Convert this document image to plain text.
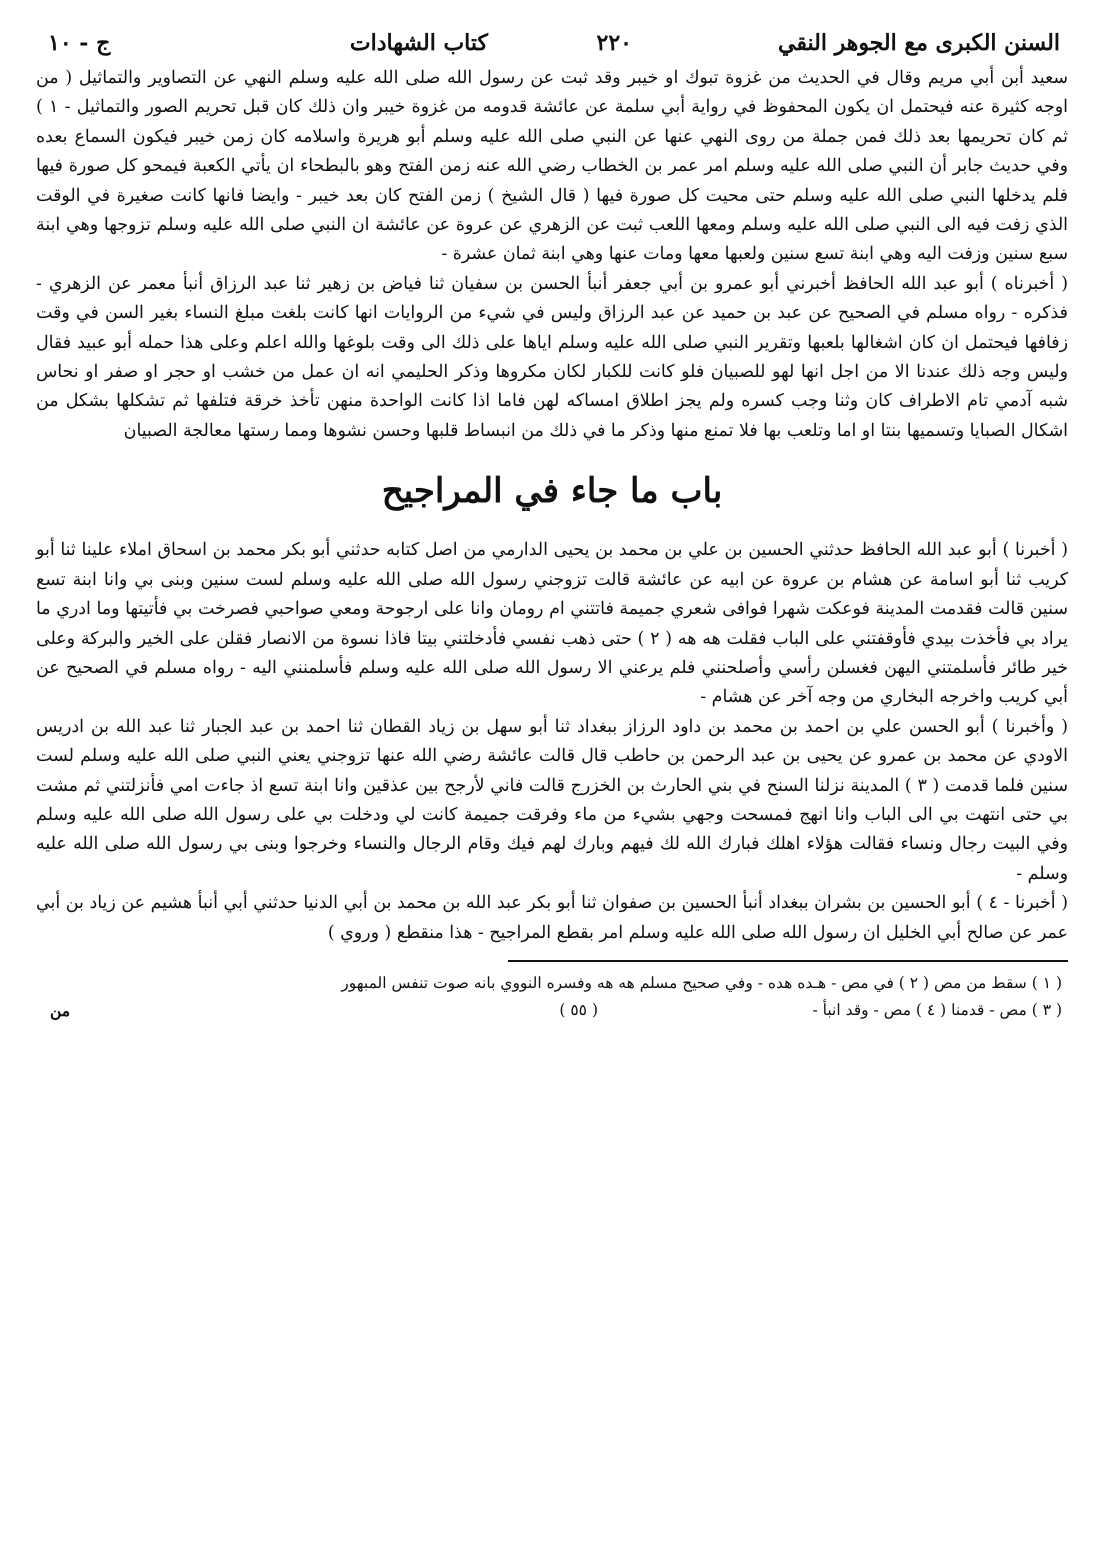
السنن الكبرى مع الجوهر النقي
٢٢٠
كتاب الشهادات
ج - ١٠

سعيد أبن أبي مريم وقال في الحديث من غزوة تبوك او خيبر وقد ثبت عن رسول الله صلى الله عليه وسلم النهي عن التصاوير والتماثيل ( من اوجه كثيرة عنه فيحتمل ان يكون المحفوظ في رواية أبي سلمة عن عائشة قدومه من غزوة خيبر وان ذلك كان قبل تحريم الصور والتماثيل - ١ ) ثم كان تحريمها بعد ذلك فمن جملة من روى النهي عنها عن النبي صلى الله عليه وسلم أبو هريرة واسلامه كان زمن خيبر فيكون السماع بعده وفي حديث جابر أن النبي صلى الله عليه وسلم امر عمر بن الخطاب رضي الله عنه زمن الفتح وهو بالبطحاء ان يأتي الكعبة فيمحو كل صورة فيها فلم يدخلها النبي صلى الله عليه وسلم حتى محيت كل صورة فيها ( قال الشيخ ) زمن الفتح كان بعد خيبر - وايضا فانها كانت صغيرة في الوقت الذي زفت فيه الى النبي صلى الله عليه وسلم ومعها اللعب ثبت عن الزهري عن عروة عن عائشة ان النبي صلى الله عليه وسلم تزوجها وهي ابنة سبع سنين وزفت اليه وهي ابنة تسع سنين ولعبها معها ومات عنها وهي ابنة ثمان عشرة -

( أخبرناه ) أبو عبد الله الحافظ أخبرني أبو عمرو بن أبي جعفر أنبأ الحسن بن سفيان ثنا فياض بن زهير ثنا عبد الرزاق أنبأ معمر عن الزهري - فذكره - رواه مسلم في الصحيح عن عبد بن حميد عن عبد الرزاق وليس في شيء من الروايات انها كانت بلغت مبلغ النساء بغير السن في وقت زفافها فيحتمل ان كان اشغالها بلعبها وتقرير النبي صلى الله عليه وسلم اياها على ذلك الى وقت بلوغها والله اعلم وعلى هذا حمله أبو عبيد فقال وليس وجه ذلك عندنا الا من اجل انها لهو للصبيان فلو كانت للكبار لكان مكروها وذكر الحليمي انه ان عمل من خشب او حجر او صفر او نحاس شبه آدمي تام الاطراف كان وثنا وجب كسره ولم يجز اطلاق امساكه لهن فاما اذا كانت الواحدة منهن تأخذ خرقة فتلفها ثم تشكلها بشكل من اشكال الصبايا وتسميها بنتا او اما وتلعب بها فلا تمنع منها وذكر ما في ذلك من انبساط قلبها وحسن نشوها ومما رستها معالجة الصبيان

باب ما جاء في المراجيح

( أخبرنا ) أبو عبد الله الحافظ حدثني الحسين بن علي بن محمد بن يحيى الدارمي من اصل كتابه حدثني أبو بكر محمد بن اسحاق املاء علينا ثنا أبو كريب ثنا أبو اسامة عن هشام بن عروة عن ابيه عن عائشة قالت تزوجني رسول الله صلى الله عليه وسلم لست سنين وبنى بي وانا ابنة تسع سنين قالت فقدمت المدينة فوعكت شهرا فوافى شعري جميمة فاتتني ام رومان وانا على ارجوحة ومعي صواحبي فصرخت بي فأتيتها وما ادري ما يراد بي فأخذت بيدي فأوقفتني على الباب فقلت هه هه ( ٢ ) حتى ذهب نفسي فأدخلتني بيتا فاذا نسوة من الانصار فقلن على الخير والبركة وعلى خير طائر فأسلمتني اليهن فغسلن رأسي وأصلحنني فلم يرعني الا رسول الله صلى الله عليه وسلم فأسلمنني اليه - رواه مسلم في الصحيح عن أبي كريب واخرجه البخاري من وجه آخر عن هشام -

( وأخبرنا ) أبو الحسن علي بن احمد بن محمد بن داود الرزاز ببغداد ثنا أبو سهل بن زياد القطان ثنا احمد بن عبد الجبار ثنا عبد الله بن ادريس الاودي عن محمد بن عمرو عن يحيى بن عبد الرحمن بن حاطب قال قالت عائشة رضي الله عنها تزوجني يعني النبي صلى الله عليه وسلم لست سنين فلما قدمت ( ٣ ) المدينة نزلنا السنح في بني الحارث بن الخزرج قالت فاني لأرجح بين عذقين وانا ابنة تسع اذ جاءت امي فأنزلتني ثم مشت بي حتى انتهت بي الى الباب وانا انهج فمسحت وجهي بشيء من ماء وفرقت جميمة كانت لي ودخلت بي على رسول الله صلى الله عليه وسلم وفي البيت رجال ونساء فقالت هؤلاء اهلك فبارك الله لك فيهم وبارك لهم فيك وقام الرجال والنساء وخرجوا وبنى بي رسول الله صلى الله عليه وسلم -

( أخبرنا - ٤ ) أبو الحسين بن بشران ببغداد أنبأ الحسين بن صفوان ثنا أبو بكر عبد الله بن محمد بن أبي الدنيا حدثني أبي أنبأ هشيم عن زياد بن أبي عمر عن صالح أبي الخليل ان رسول الله صلى الله عليه وسلم امر بقطع المراجيح - هذا منقطع ( وروي )

( ١ ) سقط من مص ( ٢ ) في مص - هـده هده - وفي صحيح مسلم هه هه وفسره النووي بانه صوت تنفس المبهور
( ٣ ) مص - قدمنا ( ٤ ) مص - وقد انبأ -
( ٥٥ )
من
